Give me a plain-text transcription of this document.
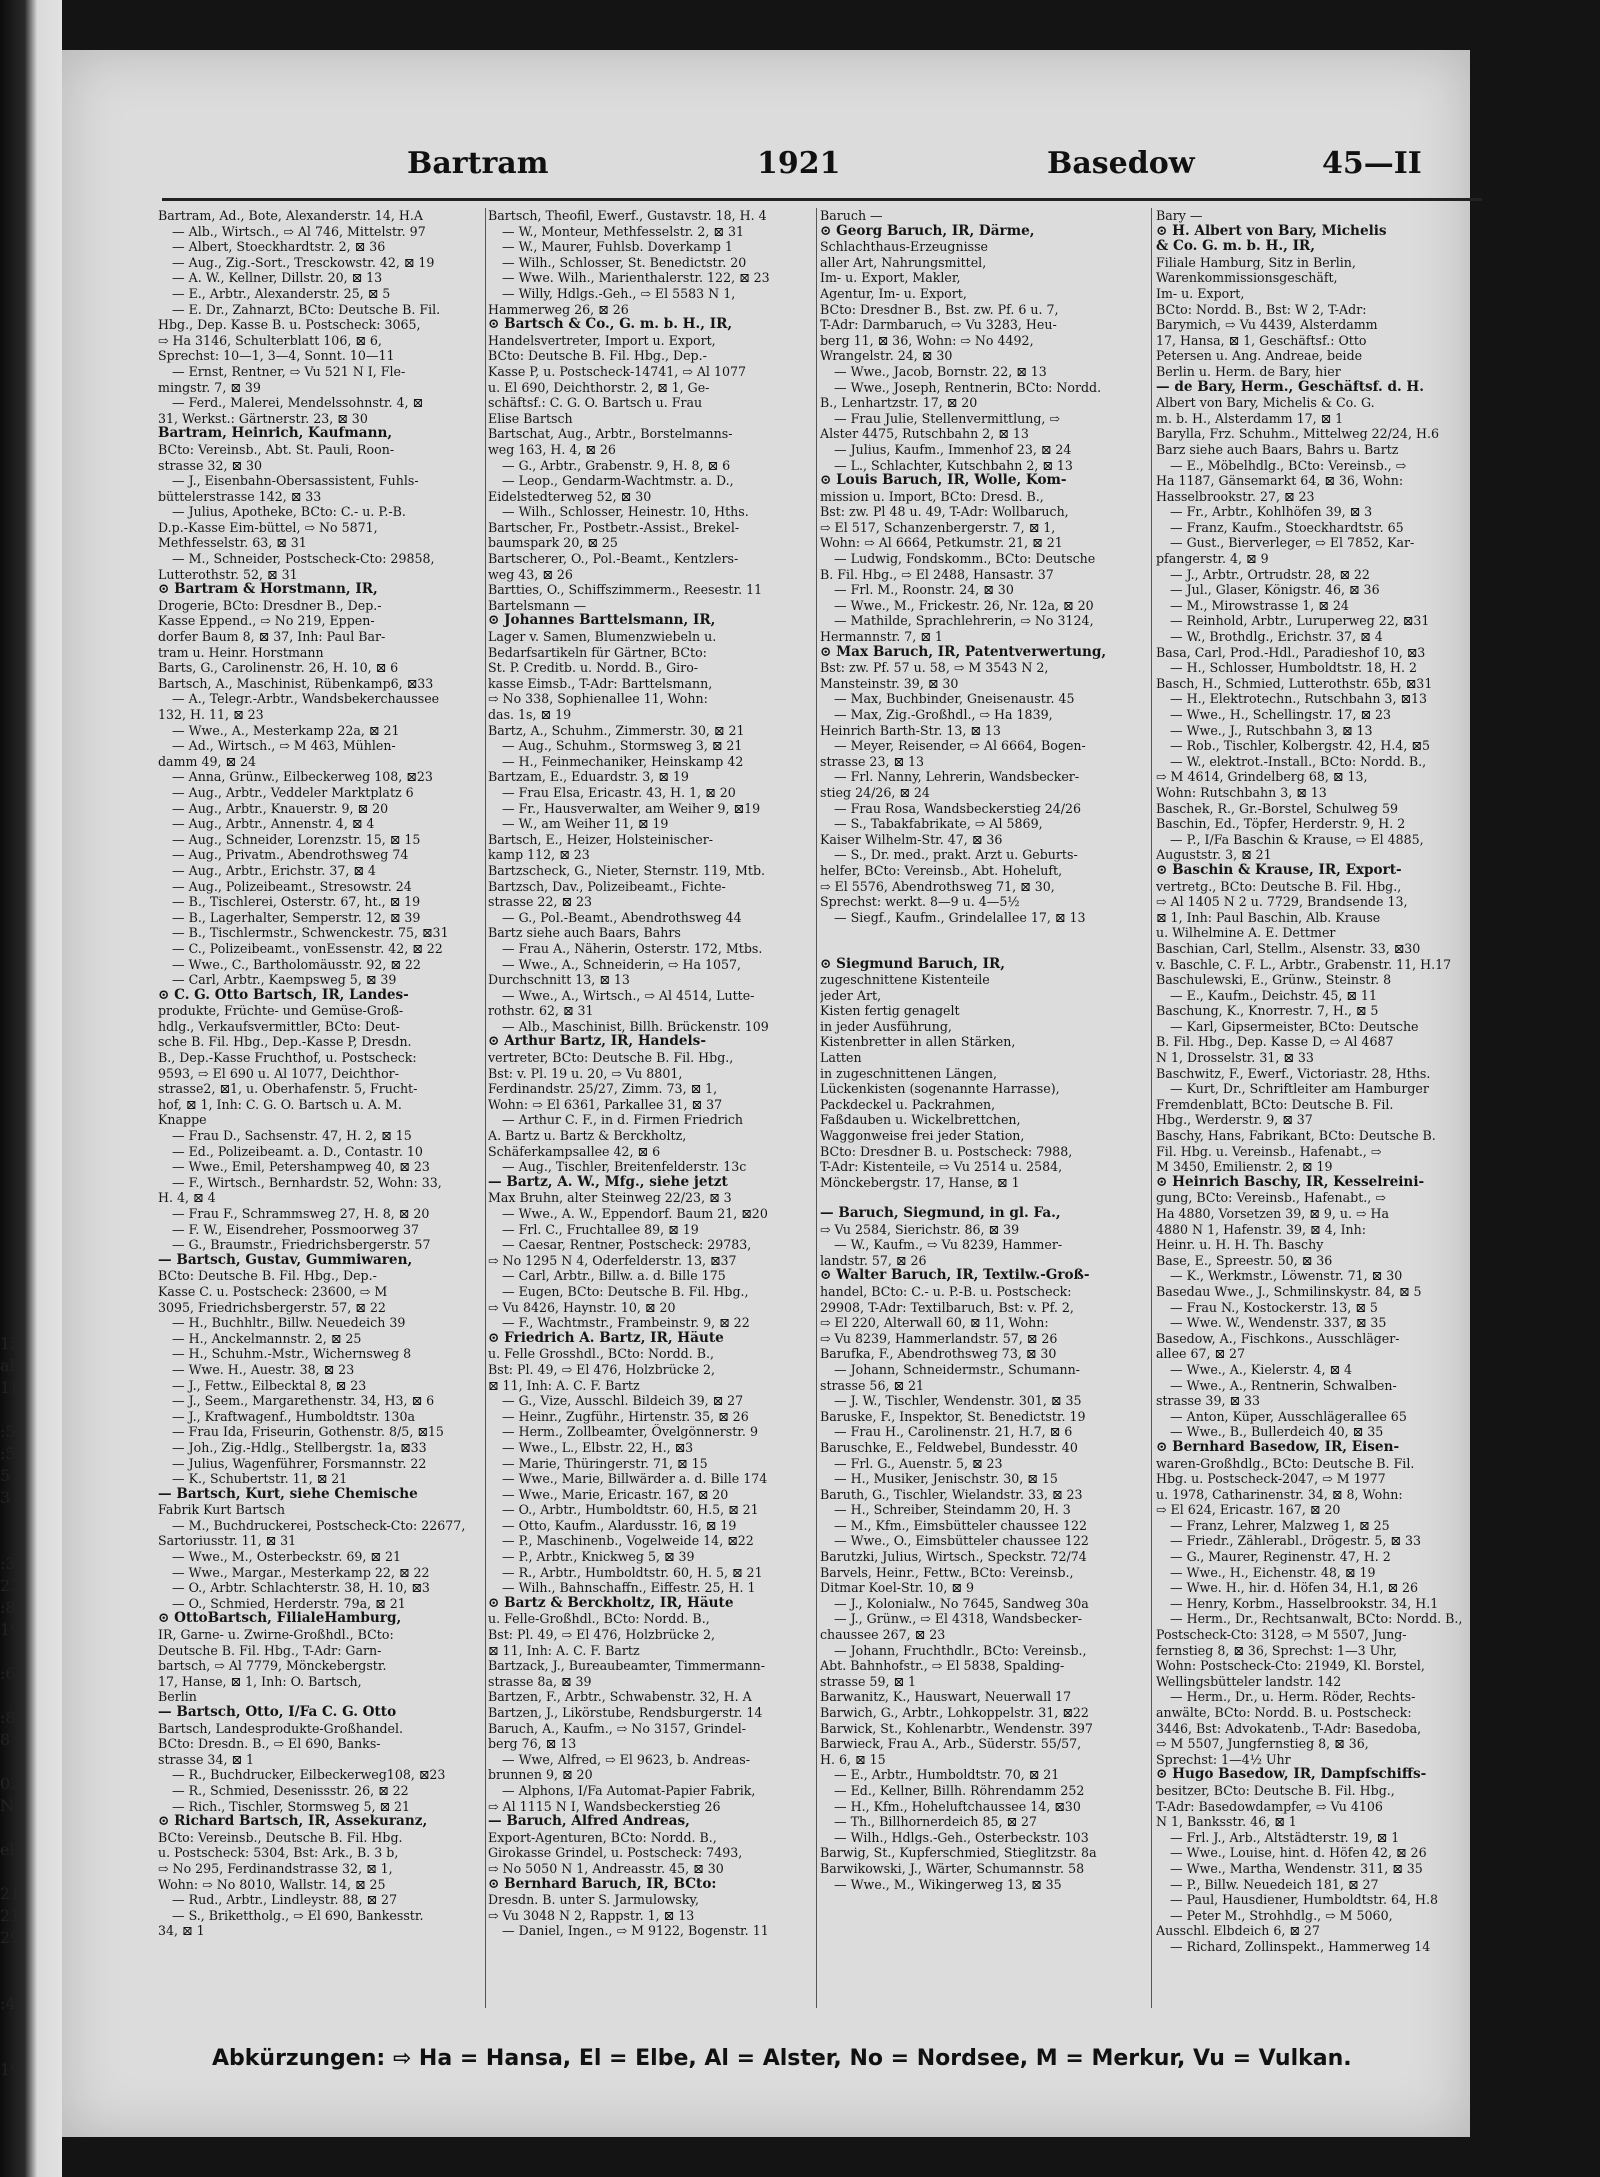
15
al
1)
:5
:5
5
3
:3
23
:8
19
:6
:8
8
02
N
el-
21
21
29
:4
19
Bartram	1921	Basedow	45—II
Bartram, Ad., Bote, Alexanderstr. 14, H.A
— Alb., Wirtsch., ⇨ Al 746, Mittelstr. 97
— Albert, Stoeckhardtstr. 2, ⊠ 36
— Aug., Zig.-Sort., Tresckowstr. 42, ⊠ 19
— A. W., Kellner, Dillstr. 20, ⊠ 13
— E., Arbtr., Alexanderstr. 25, ⊠ 5
— E. Dr., Zahnarzt, BCto: Deutsche B. Fil.
Hbg., Dep. Kasse B. u. Postscheck: 3065,
⇨ Ha 3146, Schulterblatt 106, ⊠ 6,
Sprechst: 10—1, 3—4, Sonnt. 10—11
— Ernst, Rentner, ⇨ Vu 521 N I, Fle-
mingstr. 7, ⊠ 39
— Ferd., Malerei, Mendelssohnstr. 4, ⊠
31, Werkst.: Gärtnerstr. 23, ⊠ 30
Bartram, Heinrich, Kaufmann,
BCto: Vereinsb., Abt. St. Pauli, Roon-
strasse 32, ⊠ 30
— J., Eisenbahn-Obersassistent, Fuhls-
büttelerstrasse 142, ⊠ 33
— Julius, Apotheke, BCto: C.- u. P.-B.
D.p.-Kasse Eim-büttel, ⇨ No 5871,
Methfesselstr. 63, ⊠ 31
— M., Schneider, Postscheck-Cto: 29858,
Lutterothstr. 52, ⊠ 31
⊙ Bartram & Horstmann, IR,
Drogerie, BCto: Dresdner B., Dep.-
Kasse Eppend., ⇨ No 219, Eppen-
dorfer Baum 8, ⊠ 37, Inh: Paul Bar-
tram u. Heinr. Horstmann
Barts, G., Carolinenstr. 26, H. 10, ⊠ 6
Bartsch, A., Maschinist, Rübenkamp6, ⊠33
— A., Telegr.-Arbtr., Wandsbekerchaussee
132, H. 11, ⊠ 23
— Wwe., A., Mesterkamp 22a, ⊠ 21
— Ad., Wirtsch., ⇨ M 463, Mühlen-
damm 49, ⊠ 24
— Anna, Grünw., Eilbeckerweg 108, ⊠23
— Aug., Arbtr., Veddeler Marktplatz 6
— Aug., Arbtr., Knauerstr. 9, ⊠ 20
— Aug., Arbtr., Annenstr. 4, ⊠ 4
— Aug., Schneider, Lorenzstr. 15, ⊠ 15
— Aug., Privatm., Abendrothsweg 74
— Aug., Arbtr., Erichstr. 37, ⊠ 4
— Aug., Polizeibeamt., Stresowstr. 24
— B., Tischlerei, Osterstr. 67, ht., ⊠ 19
— B., Lagerhalter, Semperstr. 12, ⊠ 39
— B., Tischlermstr., Schwenckestr. 75, ⊠31
— C., Polizeibeamt., vonEssenstr. 42, ⊠ 22
— Wwe., C., Bartholomäusstr. 92, ⊠ 22
— Carl, Arbtr., Kaempsweg 5, ⊠ 39
⊙ C. G. Otto Bartsch, IR, Landes-
produkte, Früchte- und Gemüse-Groß-
hdlg., Verkaufsvermittler, BCto: Deut-
sche B. Fil. Hbg., Dep.-Kasse P, Dresdn.
B., Dep.-Kasse Fruchthof, u. Postscheck:
9593, ⇨ El 690 u. Al 1077, Deichthor-
strasse2, ⊠1, u. Oberhafenstr. 5, Frucht-
hof, ⊠ 1, Inh: C. G. O. Bartsch u. A. M.
Knappe
— Frau D., Sachsenstr. 47, H. 2, ⊠ 15
— Ed., Polizeibeamt. a. D., Contastr. 10
— Wwe., Emil, Petershampweg 40, ⊠ 23
— F., Wirtsch., Bernhardstr. 52, Wohn: 33,
H. 4, ⊠ 4
— Frau F., Schrammsweg 27, H. 8, ⊠ 20
— F. W., Eisendreher, Possmoorweg 37
— G., Braumstr., Friedrichsbergerstr. 57
— Bartsch, Gustav, Gummiwaren,
BCto: Deutsche B. Fil. Hbg., Dep.-
Kasse C. u. Postscheck: 23600, ⇨ M
3095, Friedrichsbergerstr. 57, ⊠ 22
— H., Buchhltr., Billw. Neuedeich 39
— H., Anckelmannstr. 2, ⊠ 25
— H., Schuhm.-Mstr., Wichernsweg 8
— Wwe. H., Auestr. 38, ⊠ 23
— J., Fettw., Eilbecktal 8, ⊠ 23
— J., Seem., Margarethenstr. 34, H3, ⊠ 6
— J., Kraftwagenf., Humboldtstr. 130a
— Frau Ida, Friseurin, Gothenstr. 8/5, ⊠15
— Joh., Zig.-Hdlg., Stellbergstr. 1a, ⊠33
— Julius, Wagenführer, Forsmannstr. 22
— K., Schubertstr. 11, ⊠ 21
— Bartsch, Kurt, siehe Chemische
Fabrik Kurt Bartsch
— M., Buchdruckerei, Postscheck-Cto: 22677,
Sartoriusstr. 11, ⊠ 31
— Wwe., M., Osterbeckstr. 69, ⊠ 21
— Wwe., Margar., Mesterkamp 22, ⊠ 22
— O., Arbtr. Schlachterstr. 38, H. 10, ⊠3
— O., Schmied, Herderstr. 79a, ⊠ 21
⊙ OttoBartsch, FilialeHamburg,
IR, Garne- u. Zwirne-Großhdl., BCto:
Deutsche B. Fil. Hbg., T-Adr: Garn-
bartsch, ⇨ Al 7779, Mönckebergstr.
17, Hanse, ⊠ 1, Inh: O. Bartsch,
Berlin
— Bartsch, Otto, I/Fa C. G. Otto
Bartsch, Landesprodukte-Großhandel.
BCto: Dresdn. B., ⇨ El 690, Banks-
strasse 34, ⊠ 1
— R., Buchdrucker, Eilbeckerweg108, ⊠23
— R., Schmied, Desenissstr. 26, ⊠ 22
— Rich., Tischler, Stormsweg 5, ⊠ 21
⊙ Richard Bartsch, IR, Assekuranz,
BCto: Vereinsb., Deutsche B. Fil. Hbg.
u. Postscheck: 5304, Bst: Ark., B. 3 b,
⇨ No 295, Ferdinandstrasse 32, ⊠ 1,
Wohn: ⇨ No 8010, Wallstr. 14, ⊠ 25
— Rud., Arbtr., Lindleystr. 88, ⊠ 27
— S., Brikettholg., ⇨ El 690, Bankesstr.
34, ⊠ 1
Bartsch, Theofil, Ewerf., Gustavstr. 18, H. 4
— W., Monteur, Methfesselstr. 2, ⊠ 31
— W., Maurer, Fuhlsb. Doverkamp 1
— Wilh., Schlosser, St. Benedictstr. 20
— Wwe. Wilh., Marienthalerstr. 122, ⊠ 23
— Willy, Hdlgs.-Geh., ⇨ El 5583 N 1,
Hammerweg 26, ⊠ 26
⊙ Bartsch & Co., G. m. b. H., IR,
Handelsvertreter, Import u. Export,
BCto: Deutsche B. Fil. Hbg., Dep.-
Kasse P, u. Postscheck-14741, ⇨ Al 1077
u. El 690, Deichthorstr. 2, ⊠ 1, Ge-
schäftsf.: C. G. O. Bartsch u. Frau
Elise Bartsch
Bartschat, Aug., Arbtr., Borstelmanns-
weg 163, H. 4, ⊠ 26
— G., Arbtr., Grabenstr. 9, H. 8, ⊠ 6
— Leop., Gendarm-Wachtmstr. a. D.,
Eidelstedterweg 52, ⊠ 30
— Wilh., Schlosser, Heinestr. 10, Hths.
Bartscher, Fr., Postbetr.-Assist., Brekel-
baumspark 20, ⊠ 25
Bartscherer, O., Pol.-Beamt., Kentzlers-
weg 43, ⊠ 26
Bartties, O., Schiffszimmerm., Reesestr. 11
Bartelsmann —
⊙ Johannes Barttelsmann, IR,
Lager v. Samen, Blumenzwiebeln u.
Bedarfsartikeln für Gärtner, BCto:
St. P. Creditb. u. Nordd. B., Giro-
kasse Eimsb., T-Adr: Barttelsmann,
⇨ No 338, Sophienallee 11, Wohn:
das. 1s, ⊠ 19
Bartz, A., Schuhm., Zimmerstr. 30, ⊠ 21
— Aug., Schuhm., Stormsweg 3, ⊠ 21
— H., Feinmechaniker, Heinskamp 42
Bartzam, E., Eduardstr. 3, ⊠ 19
— Frau Elsa, Ericastr. 43, H. 1, ⊠ 20
— Fr., Hausverwalter, am Weiher 9, ⊠19
— W., am Weiher 11, ⊠ 19
Bartsch, E., Heizer, Holsteinischer-
kamp 112, ⊠ 23
Bartzscheck, G., Nieter, Sternstr. 119, Mtb.
Bartzsch, Dav., Polizeibeamt., Fichte-
strasse 22, ⊠ 23
— G., Pol.-Beamt., Abendrothsweg 44
Bartz siehe auch Baars, Bahrs
— Frau A., Näherin, Osterstr. 172, Mtbs.
— Wwe., A., Schneiderin, ⇨ Ha 1057,
Durchschnitt 13, ⊠ 13
— Wwe., A., Wirtsch., ⇨ Al 4514, Lutte-
rothstr. 62, ⊠ 31
— Alb., Maschinist, Billh. Brückenstr. 109
⊙ Arthur Bartz, IR, Handels-
vertreter, BCto: Deutsche B. Fil. Hbg.,
Bst: v. Pl. 19 u. 20, ⇨ Vu 8801,
Ferdinandstr. 25/27, Zimm. 73, ⊠ 1,
Wohn: ⇨ El 6361, Parkallee 31, ⊠ 37
— Arthur C. F., in d. Firmen Friedrich
A. Bartz u. Bartz & Berckholtz,
Schäferkampsallee 42, ⊠ 6
— Aug., Tischler, Breitenfelderstr. 13c
— Bartz, A. W., Mfg., siehe jetzt
Max Bruhn, alter Steinweg 22/23, ⊠ 3
— Wwe., A. W., Eppendorf. Baum 21, ⊠20
— Frl. C., Fruchtallee 89, ⊠ 19
— Caesar, Rentner, Postscheck: 29783,
⇨ No 1295 N 4, Oderfelderstr. 13, ⊠37
— Carl, Arbtr., Billw. a. d. Bille 175
— Eugen, BCto: Deutsche B. Fil. Hbg.,
⇨ Vu 8426, Haynstr. 10, ⊠ 20
— F., Wachtmstr., Frambeinstr. 9, ⊠ 22
⊙ Friedrich A. Bartz, IR, Häute
u. Felle Grosshdl., BCto: Nordd. B.,
Bst: Pl. 49, ⇨ El 476, Holzbrücke 2,
⊠ 11, Inh: A. C. F. Bartz
— G., Vize, Ausschl. Bildeich 39, ⊠ 27
— Heinr., Zugführ., Hirtenstr. 35, ⊠ 26
— Herm., Zollbeamter, Övelgönnerstr. 9
— Wwe., L., Elbstr. 22, H., ⊠3
— Marie, Thüringerstr. 71, ⊠ 15
— Wwe., Marie, Billwärder a. d. Bille 174
— Wwe., Marie, Ericastr. 167, ⊠ 20
— O., Arbtr., Humboldtstr. 60, H.5, ⊠ 21
— Otto, Kaufm., Alardusstr. 16, ⊠ 19
— P., Maschinenb., Vogelweide 14, ⊠22
— P., Arbtr., Knickweg 5, ⊠ 39
— R., Arbtr., Humboldtstr. 60, H. 5, ⊠ 21
— Wilh., Bahnschaffn., Eiffestr. 25, H. 1
⊙ Bartz & Berckholtz, IR, Häute
u. Felle-Großhdl., BCto: Nordd. B.,
Bst: Pl. 49, ⇨ El 476, Holzbrücke 2,
⊠ 11, Inh: A. C. F. Bartz
Bartzack, J., Bureaubeamter, Timmermann-
strasse 8a, ⊠ 39
Bartzen, F., Arbtr., Schwabenstr. 32, H. A
Bartzen, J., Likörstube, Rendsburgerstr. 14
Baruch, A., Kaufm., ⇨ No 3157, Grindel-
berg 76, ⊠ 13
— Wwe, Alfred, ⇨ El 9623, b. Andreas-
brunnen 9, ⊠ 20
— Alphons, I/Fa Automat-Papier Fabrik,
⇨ Al 1115 N I, Wandsbeckerstieg 26
— Baruch, Alfred Andreas,
Export-Agenturen, BCto: Nordd. B.,
Girokasse Grindel, u. Postscheck: 7493,
⇨ No 5050 N 1, Andreasstr. 45, ⊠ 30
⊙ Bernhard Baruch, IR, BCto:
Dresdn. B. unter S. Jarmulowsky,
⇨ Vu 3048 N 2, Rappstr. 1, ⊠ 13
— Daniel, Ingen., ⇨ M 9122, Bogenstr. 11
Baruch —
⊙ Georg Baruch, IR, Därme,
Schlachthaus-Erzeugnisse
aller Art, Nahrungsmittel,
Im- u. Export, Makler,
Agentur, Im- u. Export,
BCto: Dresdner B., Bst. zw. Pf. 6 u. 7,
T-Adr: Darmbaruch, ⇨ Vu 3283, Heu-
berg 11, ⊠ 36, Wohn: ⇨ No 4492,
Wrangelstr. 24, ⊠ 30
— Wwe., Jacob, Bornstr. 22, ⊠ 13
— Wwe., Joseph, Rentnerin, BCto: Nordd.
B., Lenhartzstr. 17, ⊠ 20
— Frau Julie, Stellenvermittlung, ⇨
Alster 4475, Rutschbahn 2, ⊠ 13
— Julius, Kaufm., Immenhof 23, ⊠ 24
— L., Schlachter, Kutschbahn 2, ⊠ 13
⊙ Louis Baruch, IR, Wolle, Kom-
mission u. Import, BCto: Dresd. B.,
Bst: zw. Pl 48 u. 49, T-Adr: Wollbaruch,
⇨ El 517, Schanzenbergerstr. 7, ⊠ 1,
Wohn: ⇨ Al 6664, Petkumstr. 21, ⊠ 21
— Ludwig, Fondskomm., BCto: Deutsche
B. Fil. Hbg., ⇨ El 2488, Hansastr. 37
— Frl. M., Roonstr. 24, ⊠ 30
— Wwe., M., Frickestr. 26, Nr. 12a, ⊠ 20
— Mathilde, Sprachlehrerin, ⇨ No 3124,
Hermannstr. 7, ⊠ 1
⊙ Max Baruch, IR, Patentverwertung,
Bst: zw. Pf. 57 u. 58, ⇨ M 3543 N 2,
Mansteinstr. 39, ⊠ 30
— Max, Buchbinder, Gneisenaustr. 45
— Max, Zig.-Großhdl., ⇨ Ha 1839,
Heinrich Barth-Str. 13, ⊠ 13
— Meyer, Reisender, ⇨ Al 6664, Bogen-
strasse 23, ⊠ 13
— Frl. Nanny, Lehrerin, Wandsbecker-
stieg 24/26, ⊠ 24
— Frau Rosa, Wandsbeckerstieg 24/26
— S., Tabakfabrikate, ⇨ Al 5869,
Kaiser Wilhelm-Str. 47, ⊠ 36
— S., Dr. med., prakt. Arzt u. Geburts-
helfer, BCto: Vereinsb., Abt. Hoheluft,
⇨ El 5576, Abendrothsweg 71, ⊠ 30,
Sprechst: werkt. 8—9 u. 4—5½
— Siegf., Kaufm., Grindelallee 17, ⊠ 13

⊙ Siegmund Baruch, IR,
zugeschnittene Kistenteile
jeder Art,
Kisten fertig genagelt
in jeder Ausführung,
Kistenbretter in allen Stärken,
Latten
in zugeschnittenen Längen,
Lückenkisten (sogenannte Harrasse),
Packdeckel u. Packrahmen,
Faßdauben u. Wickelbrettchen,
Waggonweise frei jeder Station,
BCto: Dresdner B. u. Postscheck: 7988,
T-Adr: Kistenteile, ⇨ Vu 2514 u. 2584,
Mönckebergstr. 17, Hanse, ⊠ 1

— Baruch, Siegmund, in gl. Fa.,
⇨ Vu 2584, Sierichstr. 86, ⊠ 39
— W., Kaufm., ⇨ Vu 8239, Hammer-
landstr. 57, ⊠ 26
⊙ Walter Baruch, IR, Textilw.-Groß-
handel, BCto: C.- u. P.-B. u. Postscheck:
29908, T-Adr: Textilbaruch, Bst: v. Pf. 2,
⇨ El 220, Alterwall 60, ⊠ 11, Wohn:
⇨ Vu 8239, Hammerlandstr. 57, ⊠ 26
Barufka, F., Abendrothsweg 73, ⊠ 30
— Johann, Schneidermstr., Schumann-
strasse 56, ⊠ 21
— J. W., Tischler, Wendenstr. 301, ⊠ 35
Baruske, F., Inspektor, St. Benedictstr. 19
— Frau H., Carolinenstr. 21, H.7, ⊠ 6
Baruschke, E., Feldwebel, Bundesstr. 40
— Frl. G., Auenstr. 5, ⊠ 23
— H., Musiker, Jenischstr. 30, ⊠ 15
Baruth, G., Tischler, Wielandstr. 33, ⊠ 23
— H., Schreiber, Steindamm 20, H. 3
— M., Kfm., Eimsbütteler chaussee 122
— Wwe., O., Eimsbütteler chaussee 122
Barutzki, Julius, Wirtsch., Speckstr. 72/74
Barvels, Heinr., Fettw., BCto: Vereinsb.,
Ditmar Koel-Str. 10, ⊠ 9
— J., Kolonialw., No 7645, Sandweg 30a
— J., Grünw., ⇨ El 4318, Wandsbecker-
chaussee 267, ⊠ 23
— Johann, Fruchthdlr., BCto: Vereinsb.,
Abt. Bahnhofstr., ⇨ El 5838, Spalding-
strasse 59, ⊠ 1
Barwanitz, K., Hauswart, Neuerwall 17
Barwich, G., Arbtr., Lohkoppelstr. 31, ⊠22
Barwick, St., Kohlenarbtr., Wendenstr. 397
Barwieck, Frau A., Arb., Süderstr. 55/57,
H. 6, ⊠ 15
— E., Arbtr., Humboldtstr. 70, ⊠ 21
— Ed., Kellner, Billh. Röhrendamm 252
— H., Kfm., Hoheluftchaussee 14, ⊠30
— Th., Billhornerdeich 85, ⊠ 27
— Wilh., Hdlgs.-Geh., Osterbeckstr. 103
Barwig, St., Kupferschmied, Stieglitzstr. 8a
Barwikowski, J., Wärter, Schumannstr. 58
— Wwe., M., Wikingerweg 13, ⊠ 35
Bary —
⊙ H. Albert von Bary, Michelis
& Co. G. m. b. H., IR,
Filiale Hamburg, Sitz in Berlin,
Warenkommissionsgeschäft,
Im- u. Export,
BCto: Nordd. B., Bst: W 2, T-Adr:
Barymich, ⇨ Vu 4439, Alsterdamm
17, Hansa, ⊠ 1, Geschäftsf.: Otto
Petersen u. Ang. Andreae, beide
Berlin u. Herm. de Bary, hier
— de Bary, Herm., Geschäftsf. d. H.
Albert von Bary, Michelis & Co. G.
m. b. H., Alsterdamm 17, ⊠ 1
Barylla, Frz. Schuhm., Mittelweg 22/24, H.6
Barz siehe auch Baars, Bahrs u. Bartz
— E., Möbelhdlg., BCto: Vereinsb., ⇨
Ha 1187, Gänsemarkt 64, ⊠ 36, Wohn:
Hasselbrookstr. 27, ⊠ 23
— Fr., Arbtr., Kohlhöfen 39, ⊠ 3
— Franz, Kaufm., Stoeckhardtstr. 65
— Gust., Bierverleger, ⇨ El 7852, Kar-
pfangerstr. 4, ⊠ 9
— J., Arbtr., Ortrudstr. 28, ⊠ 22
— Jul., Glaser, Königstr. 46, ⊠ 36
— M., Mirowstrasse 1, ⊠ 24
— Reinhold, Arbtr., Luruperweg 22, ⊠31
— W., Brothdlg., Erichstr. 37, ⊠ 4
Basa, Carl, Prod.-Hdl., Paradieshof 10, ⊠3
— H., Schlosser, Humboldtstr. 18, H. 2
Basch, H., Schmied, Lutterothstr. 65b, ⊠31
— H., Elektrotechn., Rutschbahn 3, ⊠13
— Wwe., H., Schellingstr. 17, ⊠ 23
— Wwe., J., Rutschbahn 3, ⊠ 13
— Rob., Tischler, Kolbergstr. 42, H.4, ⊠5
— W., elektrot.-Install., BCto: Nordd. B.,
⇨ M 4614, Grindelberg 68, ⊠ 13,
Wohn: Rutschbahn 3, ⊠ 13
Baschek, R., Gr.-Borstel, Schulweg 59
Baschin, Ed., Töpfer, Herderstr. 9, H. 2
— P., I/Fa Baschin & Krause, ⇨ El 4885,
Auguststr. 3, ⊠ 21
⊙ Baschin & Krause, IR, Export-
vertretg., BCto: Deutsche B. Fil. Hbg.,
⇨ Al 1405 N 2 u. 7729, Brandsende 13,
⊠ 1, Inh: Paul Baschin, Alb. Krause
u. Wilhelmine A. E. Dettmer
Baschian, Carl, Stellm., Alsenstr. 33, ⊠30
v. Baschle, C. F. L., Arbtr., Grabenstr. 11, H.17
Baschulewski, E., Grünw., Steinstr. 8
— E., Kaufm., Deichstr. 45, ⊠ 11
Baschung, K., Knorrestr. 7, H., ⊠ 5
— Karl, Gipsermeister, BCto: Deutsche
B. Fil. Hbg., Dep. Kasse D, ⇨ Al 4687
N 1, Drosselstr. 31, ⊠ 33
Baschwitz, F., Ewerf., Victoriastr. 28, Hths.
— Kurt, Dr., Schriftleiter am Hamburger
Fremdenblatt, BCto: Deutsche B. Fil.
Hbg., Werderstr. 9, ⊠ 37
Baschy, Hans, Fabrikant, BCto: Deutsche B.
Fil. Hbg. u. Vereinsb., Hafenabt., ⇨
M 3450, Emilienstr. 2, ⊠ 19
⊙ Heinrich Baschy, IR, Kesselreini-
gung, BCto: Vereinsb., Hafenabt., ⇨
Ha 4880, Vorsetzen 39, ⊠ 9, u. ⇨ Ha
4880 N 1, Hafenstr. 39, ⊠ 4, Inh:
Heinr. u. H. H. Th. Baschy
Base, E., Spreestr. 50, ⊠ 36
— K., Werkmstr., Löwenstr. 71, ⊠ 30
Basedau Wwe., J., Schmilinskystr. 84, ⊠ 5
— Frau N., Kostockerstr. 13, ⊠ 5
— Wwe. W., Wendenstr. 337, ⊠ 35
Basedow, A., Fischkons., Ausschläger-
allee 67, ⊠ 27
— Wwe., A., Kielerstr. 4, ⊠ 4
— Wwe., A., Rentnerin, Schwalben-
strasse 39, ⊠ 33
— Anton, Küper, Ausschlägerallee 65
— Wwe., B., Bullerdeich 40, ⊠ 35
⊙ Bernhard Basedow, IR, Eisen-
waren-Großhdlg., BCto: Deutsche B. Fil.
Hbg. u. Postscheck-2047, ⇨ M 1977
u. 1978, Catharinenstr. 34, ⊠ 8, Wohn:
⇨ El 624, Ericastr. 167, ⊠ 20
— Franz, Lehrer, Malzweg 1, ⊠ 25
— Friedr., Zählerabl., Drögestr. 5, ⊠ 33
— G., Maurer, Reginenstr. 47, H. 2
— Wwe., H., Eichenstr. 48, ⊠ 19
— Wwe. H., hir. d. Höfen 34, H.1, ⊠ 26
— Henry, Korbm., Hasselbrookstr. 34, H.1
— Herm., Dr., Rechtsanwalt, BCto: Nordd. B.,
Postscheck-Cto: 3128, ⇨ M 5507, Jung-
fernstieg 8, ⊠ 36, Sprechst: 1—3 Uhr,
Wohn: Postscheck-Cto: 21949, Kl. Borstel,
Wellingsbütteler landstr. 142
— Herm., Dr., u. Herm. Röder, Rechts-
anwälte, BCto: Nordd. B. u. Postscheck:
3446, Bst: Advokatenb., T-Adr: Basedoba,
⇨ M 5507, Jungfernstieg 8, ⊠ 36,
Sprechst: 1—4½ Uhr
⊙ Hugo Basedow, IR, Dampfschiffs-
besitzer, BCto: Deutsche B. Fil. Hbg.,
T-Adr: Basedowdampfer, ⇨ Vu 4106
N 1, Banksstr. 46, ⊠ 1
— Frl. J., Arb., Altstädterstr. 19, ⊠ 1
— Wwe., Louise, hint. d. Höfen 42, ⊠ 26
— Wwe., Martha, Wendenstr. 311, ⊠ 35
— P., Billw. Neuedeich 181, ⊠ 27
— Paul, Hausdiener, Humboldtstr. 64, H.8
— Peter M., Strohhdlg., ⇨ M 5060,
Ausschl. Elbdeich 6, ⊠ 27
— Richard, Zollinspekt., Hammerweg 14
Abkürzungen: ⇨ Ha = Hansa, El = Elbe, Al = Alster, No = Nordsee, M = Merkur, Vu = Vulkan.
